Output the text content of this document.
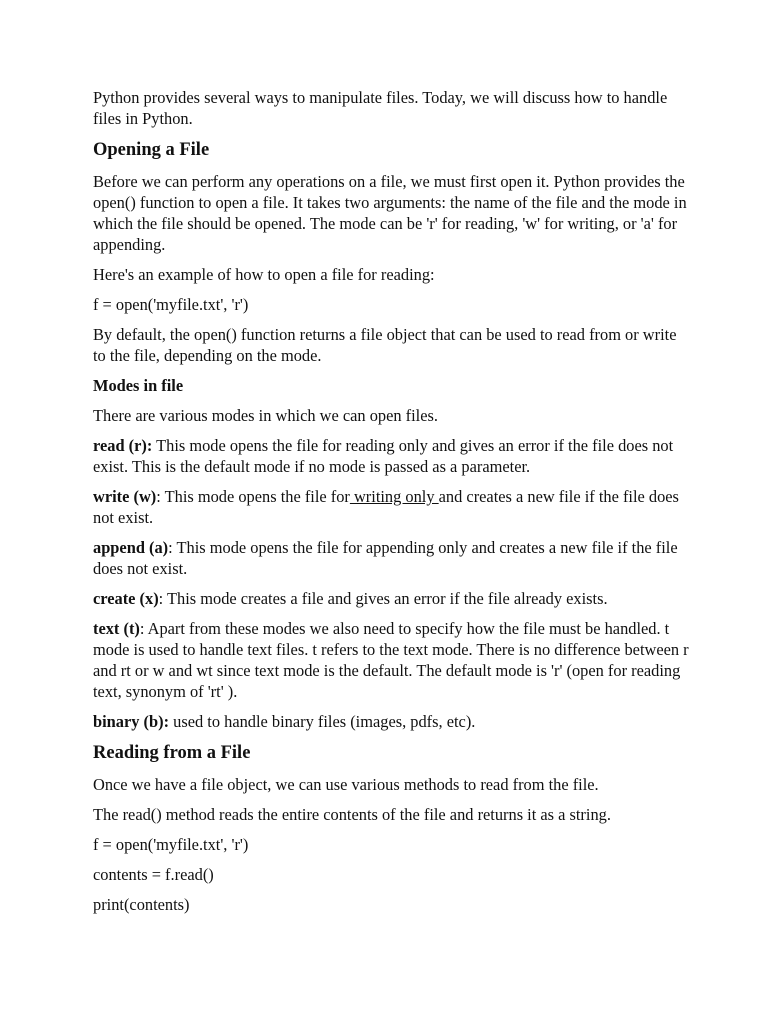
Python provides several ways to manipulate files. Today, we will discuss how to handle files in Python.

Opening a File

Before we can perform any operations on a file, we must first open it. Python provides the open() function to open a file. It takes two arguments: the name of the file and the mode in which the file should be opened. The mode can be 'r' for reading, 'w' for writing, or 'a' for appending.

Here's an example of how to open a file for reading:

f = open('myfile.txt', 'r')

By default, the open() function returns a file object that can be used to read from or write to the file, depending on the mode.

Modes in file

There are various modes in which we can open files.

read (r): This mode opens the file for reading only and gives an error if the file does not exist. This is the default mode if no mode is passed as a parameter.

write (w): This mode opens the file for writing only and creates a new file if the file does not exist.

append (a): This mode opens the file for appending only and creates a new file if the file does not exist.

create (x): This mode creates a file and gives an error if the file already exists.

text (t): Apart from these modes we also need to specify how the file must be handled. t mode is used to handle text files. t refers to the text mode. There is no difference between r and rt or w and wt since text mode is the default. The default mode is 'r' (open for reading text, synonym of 'rt' ).

binary (b): used to handle binary files (images, pdfs, etc).

Reading from a File

Once we have a file object, we can use various methods to read from the file.

The read() method reads the entire contents of the file and returns it as a string.

f = open('myfile.txt', 'r')

contents = f.read()

print(contents)
